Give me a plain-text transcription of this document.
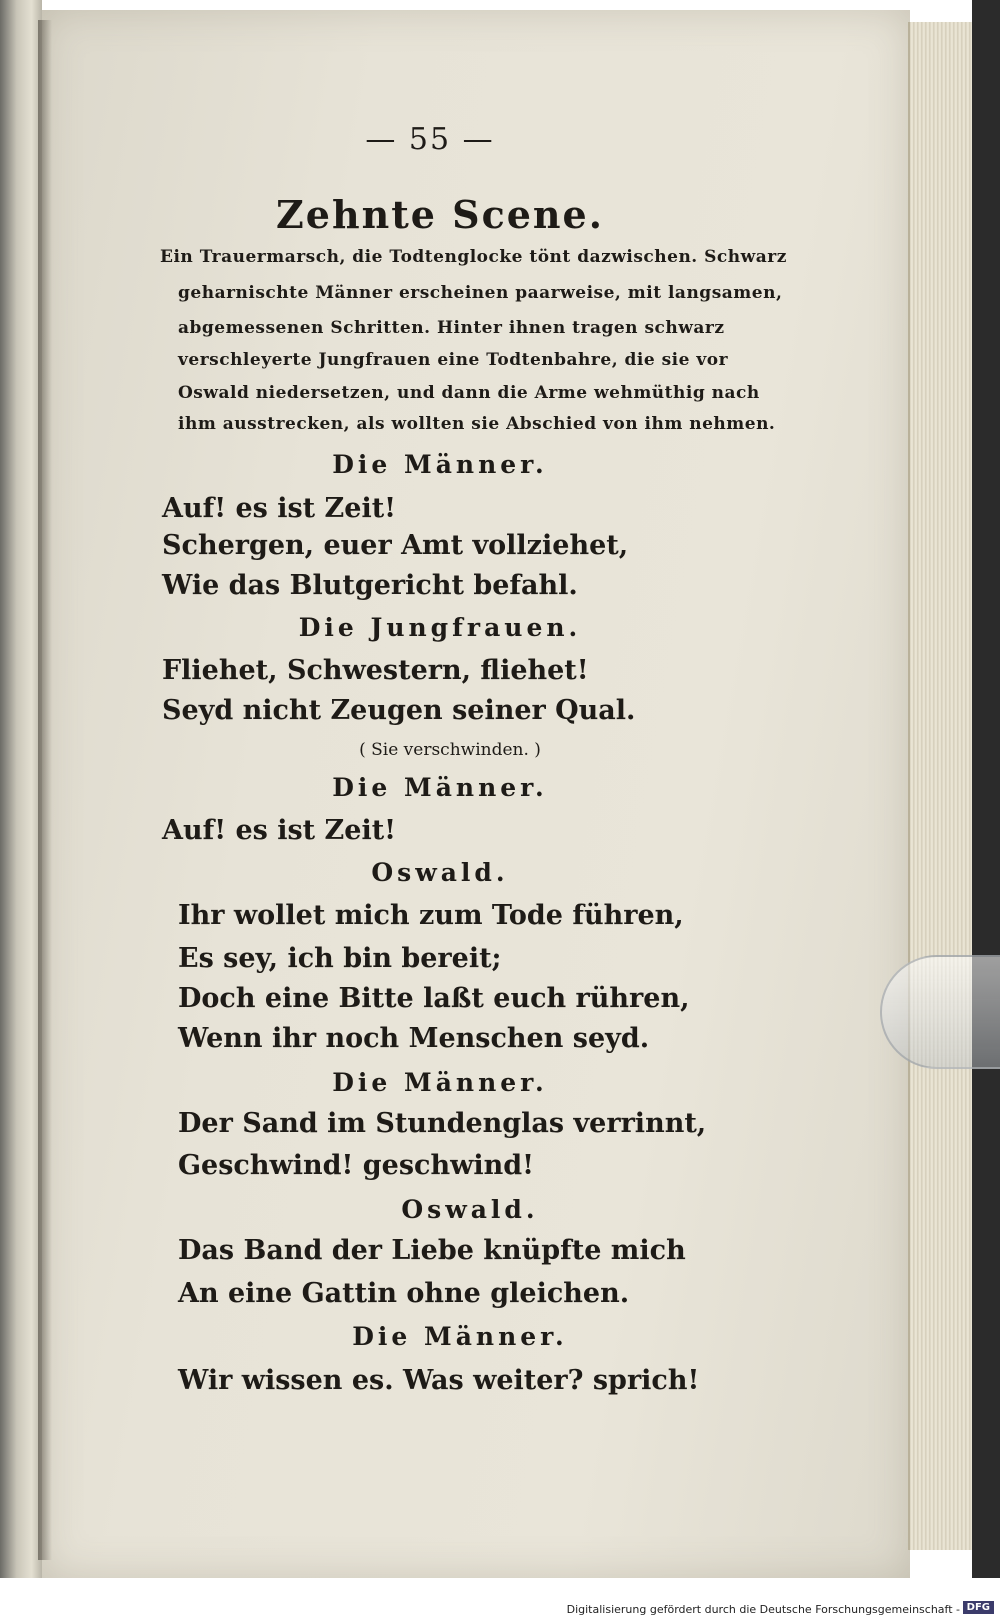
— 55 —
Zehnte Scene.
Ein Trauermarsch, die Todtenglocke tönt dazwischen. Schwarz
geharnischte Männer erscheinen paarweise, mit langsamen,
abgemessenen Schritten. Hinter ihnen tragen schwarz
verschleyerte Jungfrauen eine Todtenbahre, die sie vor
Oswald niedersetzen, und dann die Arme wehmüthig nach
ihm ausstrecken, als wollten sie Abschied von ihm nehmen.
Die Männer.
Auf! es ist Zeit!
Schergen, euer Amt vollziehet,
Wie das Blutgericht befahl.
Die Jungfrauen.
Fliehet, Schwestern, fliehet!
Seyd nicht Zeugen seiner Qual.
( Sie verschwinden. )
Die Männer.
Auf! es ist Zeit!
Oswald.
Ihr wollet mich zum Tode führen,
Es sey, ich bin bereit;
Doch eine Bitte laßt euch rühren,
Wenn ihr noch Menschen seyd.
Die Männer.
Der Sand im Stundenglas verrinnt,
Geschwind! geschwind!
Oswald.
Das Band der Liebe knüpfte mich
An eine Gattin ohne gleichen.
Die Männer.
Wir wissen es. Was weiter? sprich!
Digitalisierung gefördert durch die Deutsche Forschungsgemeinschaft - DFG
